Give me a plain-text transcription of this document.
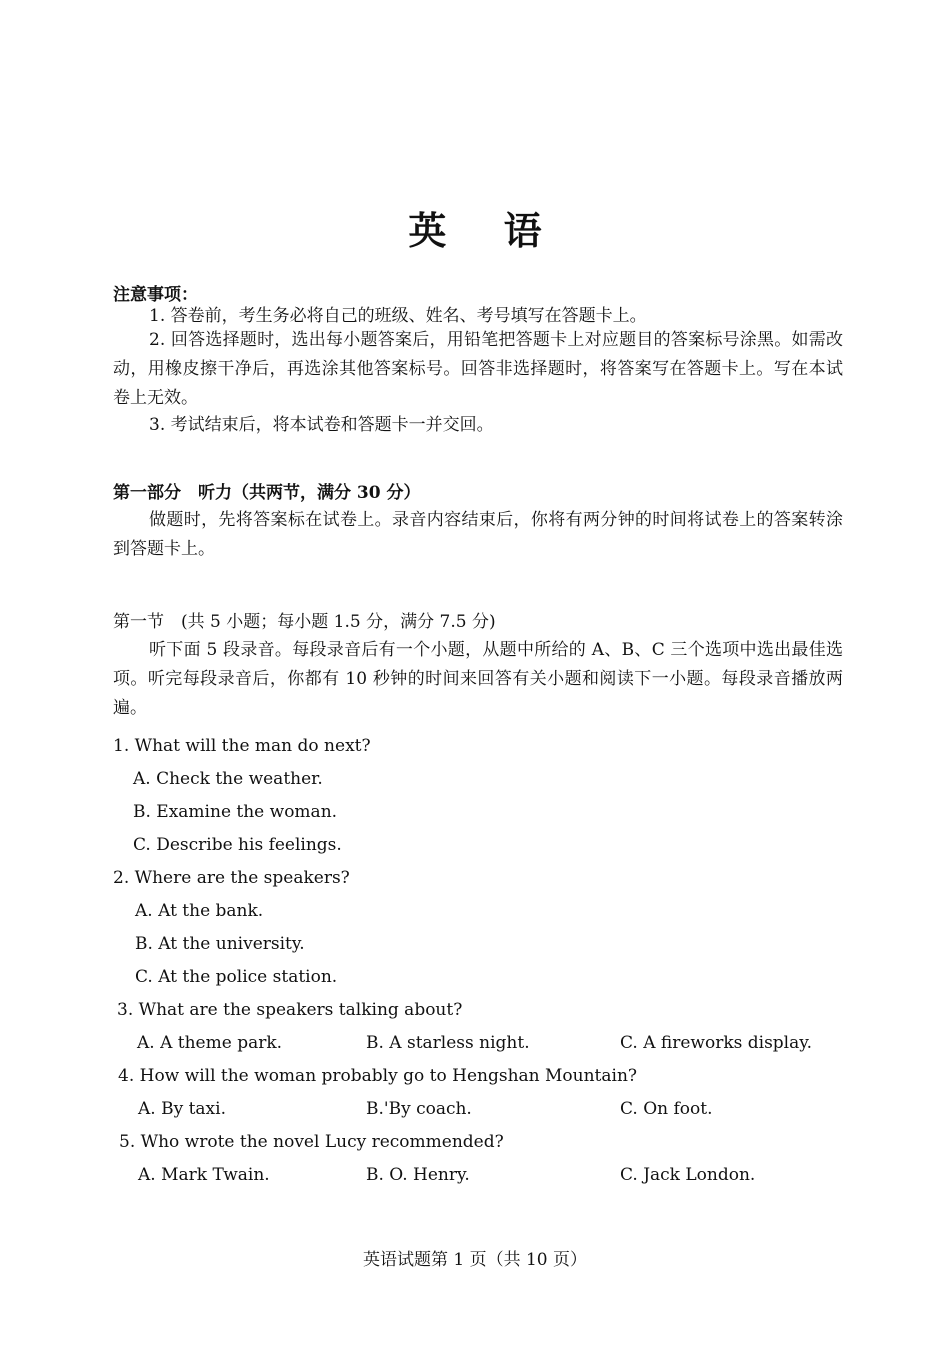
英 语
注意事项：
1. 答卷前，考生务必将自己的班级、姓名、考号填写在答题卡上。
2. 回答选择题时，选出每小题答案后，用铅笔把答题卡上对应题目的答案标号涂黑。如需改动，用橡皮擦干净后，再选涂其他答案标号。回答非选择题时，将答案写在答题卡上。写在本试卷上无效。
3. 考试结束后，将本试卷和答题卡一并交回。
第一部分　听力（共两节，满分 30 分）
做题时，先将答案标在试卷上。录音内容结束后，你将有两分钟的时间将试卷上的答案转涂到答题卡上。
第一节　(共 5 小题；每小题 1.5 分，满分 7.5 分)
听下面 5 段录音。每段录音后有一个小题，从题中所给的 A、B、C 三个选项中选出最佳选项。听完每段录音后，你都有 10 秒钟的时间来回答有关小题和阅读下一小题。每段录音播放两遍。
1. What will the man do next?
A. Check the weather.
B. Examine the woman.
C. Describe his feelings.
2. Where are the speakers?
A. At the bank.
B. At the university.
C. At the police station.
3. What are the speakers talking about?
A. A theme park.	B. A starless night.	C. A fireworks display.
4. How will the woman probably go to Hengshan Mountain?
A. By taxi.	B.'By coach.	C. On foot.
5. Who wrote the novel Lucy recommended?
A. Mark Twain.	B. O. Henry.	C. Jack London.
英语试题第 1 页（共 10 页）
